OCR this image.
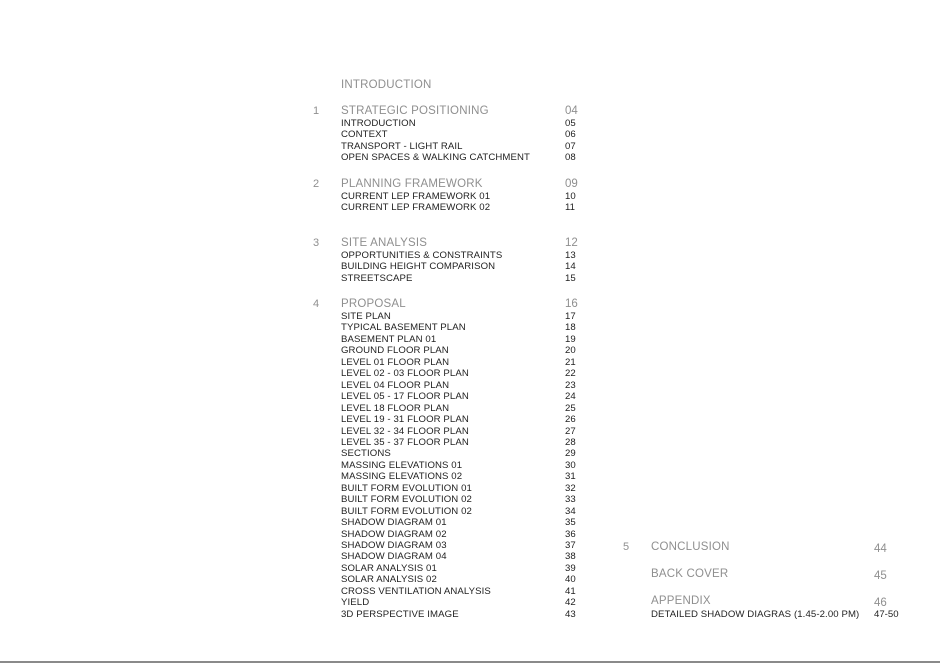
INTRODUCTION
1 STRATEGIC POSITIONING	04
INTRODUCTION	05
CONTEXT	06
TRANSPORT - LIGHT RAIL	07
OPEN SPACES & WALKING CATCHMENT	08
2 PLANNING FRAMEWORK	09
CURRENT LEP FRAMEWORK 01	10
CURRENT LEP FRAMEWORK 02	11
3 SITE ANALYSIS	12
OPPORTUNITIES & CONSTRAINTS	13
BUILDING HEIGHT COMPARISON	14
STREETSCAPE	15
4 PROPOSAL	16
SITE PLAN	17
TYPICAL BASEMENT PLAN	18
BASEMENT PLAN 01	19
GROUND FLOOR PLAN	20
LEVEL 01 FLOOR PLAN	21
LEVEL 02 - 03 FLOOR PLAN	22
LEVEL 04 FLOOR PLAN	23
LEVEL 05 - 17 FLOOR PLAN	24
LEVEL 18 FLOOR PLAN	25
LEVEL 19 - 31 FLOOR PLAN	26
LEVEL 32 - 34 FLOOR PLAN	27
LEVEL 35 - 37 FLOOR PLAN	28
SECTIONS	29
MASSING ELEVATIONS 01	30
MASSING ELEVATIONS 02	31
BUILT FORM EVOLUTION 01	32
BUILT FORM EVOLUTION 02	33
BUILT FORM EVOLUTION 02	34
SHADOW DIAGRAM 01	35
SHADOW DIAGRAM 02	36
SHADOW DIAGRAM 03	37
SHADOW DIAGRAM 04	38
SOLAR ANALYSIS 01	39
SOLAR ANALYSIS 02	40
CROSS VENTILATION ANALYSIS	41
YIELD	42
3D PERSPECTIVE IMAGE	43
5 CONCLUSION	44
BACK COVER	45
APPENDIX	46
DETAILED SHADOW DIAGRAS (1.45-2.00 PM) 47-50
